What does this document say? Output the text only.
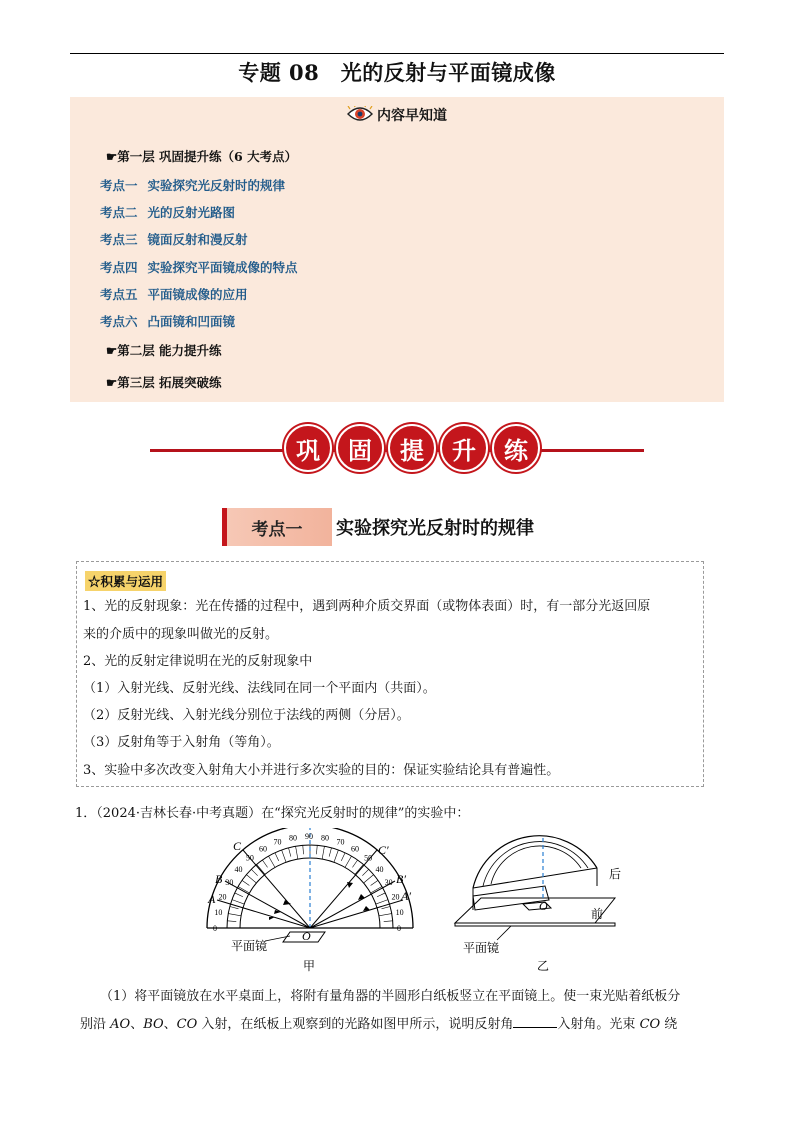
专题 08　光的反射与平面镜成像
内容早知道
☛第一层 巩固提升练（6 大考点）
考点一 实验探究光反射时的规律
考点二 光的反射光路图
考点三 镜面反射和漫反射
考点四 实验探究平面镜成像的特点
考点五 平面镜成像的应用
考点六 凸面镜和凹面镜
☛第二层 能力提升练
☛第三层 拓展突破练
巩	固	提	升	练
考点一	实验探究光反射时的规律
☆积累与运用
1、光的反射现象：光在传播的过程中，遇到两种介质交界面（或物体表面）时，有一部分光返回原
来的介质中的现象叫做光的反射。
2、光的反射定律说明在光的反射现象中
（1）入射光线、反射光线、法线同在同一个平面内（共面）。
（2）反射光线、入射光线分别位于法线的两侧（分居）。
（3）反射角等于入射角（等角）。
3、实验中多次改变入射角大小并进行多次实验的目的：保证实验结论具有普遍性。
1．（2024·吉林长春·中考真题）在“探究光反射时的规律”的实验中：
0
10
20
30
40
50
60
70 80 90 80 70
60
50
40
30
20
10
0
C
B
A
C′
B′
A′
O
平面镜
甲
后
前
O
平面镜
乙
（1）将平面镜放在水平桌面上，将附有量角器的半圆形白纸板竖立在平面镜上。使一束光贴着纸板分
别沿 AO、BO、CO 入射，在纸板上观察到的光路如图甲所示，说明反射角	入射角。光束 CO 绕
